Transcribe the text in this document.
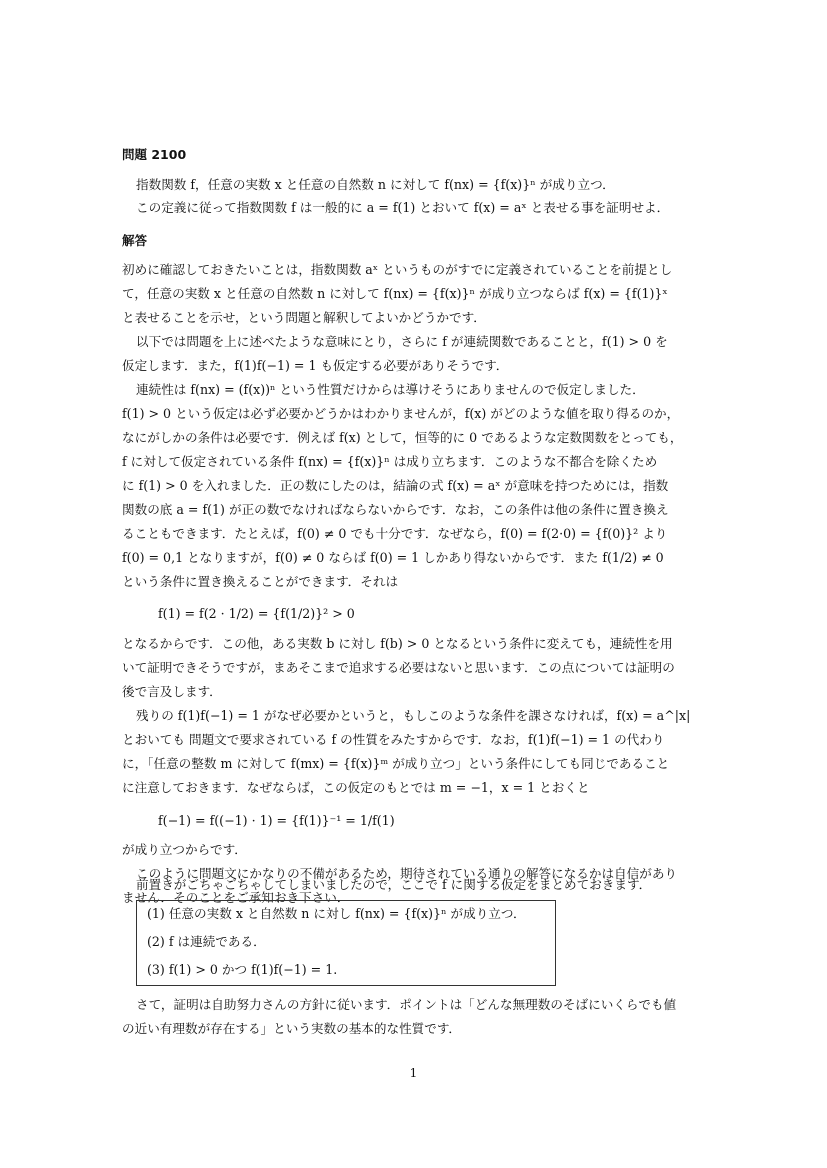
問題 2100
指数関数 f，任意の実数 x と任意の自然数 n に対して f(nx) = {f(x)}ⁿ が成り立つ．
この定義に従って指数関数 f は一般的に a = f(1) とおいて f(x) = aˣ と表せる事を証明せよ．
解答
初めに確認しておきたいことは，指数関数 aˣ というものがすでに定義されていることを前提とし
て，任意の実数 x と任意の自然数 n に対して f(nx) = {f(x)}ⁿ が成り立つならば f(x) = {f(1)}ˣ
と表せることを示せ，という問題と解釈してよいかどうかです．
以下では問題を上に述べたような意味にとり，さらに f が連続関数であることと，f(1) > 0 を
仮定します．また，f(1)f(−1) = 1 も仮定する必要がありそうです．
連続性は f(nx) = (f(x))ⁿ という性質だけからは導けそうにありませんので仮定しました．
f(1) > 0 という仮定は必ず必要かどうかはわかりませんが，f(x) がどのような値を取り得るのか，
なにがしかの条件は必要です．例えば f(x) として，恒等的に 0 であるような定数関数をとっても，
f に対して仮定されている条件 f(nx) = {f(x)}ⁿ は成り立ちます．このような不都合を除くため
に f(1) > 0 を入れました．正の数にしたのは，結論の式 f(x) = aˣ が意味を持つためには，指数
関数の底 a = f(1) が正の数でなければならないからです．なお，この条件は他の条件に置き換え
ることもできます．たとえば，f(0) ≠ 0 でも十分です．なぜなら，f(0) = f(2·0) = {f(0)}² より
f(0) = 0,1 となりますが，f(0) ≠ 0 ならば f(0) = 1 しかあり得ないからです．また f(1/2) ≠ 0
という条件に置き換えることができます．それは
f(1) = f(2 · 1/2) = {f(1/2)}² > 0
となるからです．この他，ある実数 b に対し f(b) > 0 となるという条件に変えても，連続性を用
いて証明できそうですが，まあそこまで追求する必要はないと思います．この点については証明の
後で言及します．
残りの f(1)f(−1) = 1 がなぜ必要かというと，もしこのような条件を課さなければ，f(x) = a^|x|
とおいても 問題文で要求されている f の性質をみたすからです．なお，f(1)f(−1) = 1 の代わり
に，「任意の整数 m に対して f(mx) = {f(x)}ᵐ が成り立つ」という条件にしても同じであること
に注意しておきます．なぜならば，この仮定のもとでは m = −1，x = 1 とおくと
f(−1) = f((−1) · 1) = {f(1)}⁻¹ = 1/f(1)
が成り立つからです．
このように問題文にかなりの不備があるため，期待されている通りの解答になるかは自信があり
ません．そのことをご承知おき下さい．
前置きがごちゃごちゃしてしまいましたので，ここで f に関する仮定をまとめておきます．
(1) 任意の実数 x と自然数 n に対し f(nx) = {f(x)}ⁿ が成り立つ．
(2) f は連続である．
(3) f(1) > 0 かつ f(1)f(−1) = 1.
さて，証明は自助努力さんの方針に従います．ポイントは「どんな無理数のそばにいくらでも値
の近い有理数が存在する」という実数の基本的な性質です．
1
